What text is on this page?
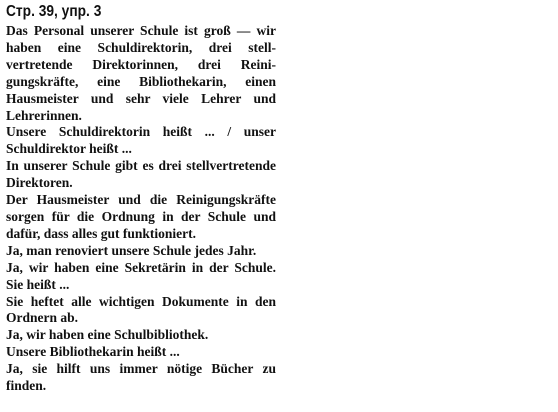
Стр. 39, упр. 3

Das Personal unserer Schule ist groß — wir haben eine Schuldirektorin, drei stellvertretende Direktorinnen, drei Reinigungskräfte, eine Bibliothekarin, einen Hausmeister und sehr viele Lehrer und Lehrerinnen.

Unsere Schuldirektorin heißt ... / unser Schuldirektor heißt ...

In unserer Schule gibt es drei stellvertretende Direktoren.

Der Hausmeister und die Reinigungskräfte sorgen für die Ordnung in der Schule und dafür, dass alles gut funktioniert.

Ja, man renoviert unsere Schule jedes Jahr.

Ja, wir haben eine Sekretärin in der Schule. Sie heißt ...

Sie heftet alle wichtigen Dokumente in den Ordnern ab.

Ja, wir haben eine Schulbibliothek.

Unsere Bibliothekarin heißt ...

Ja, sie hilft uns immer nötige Bücher zu finden.
